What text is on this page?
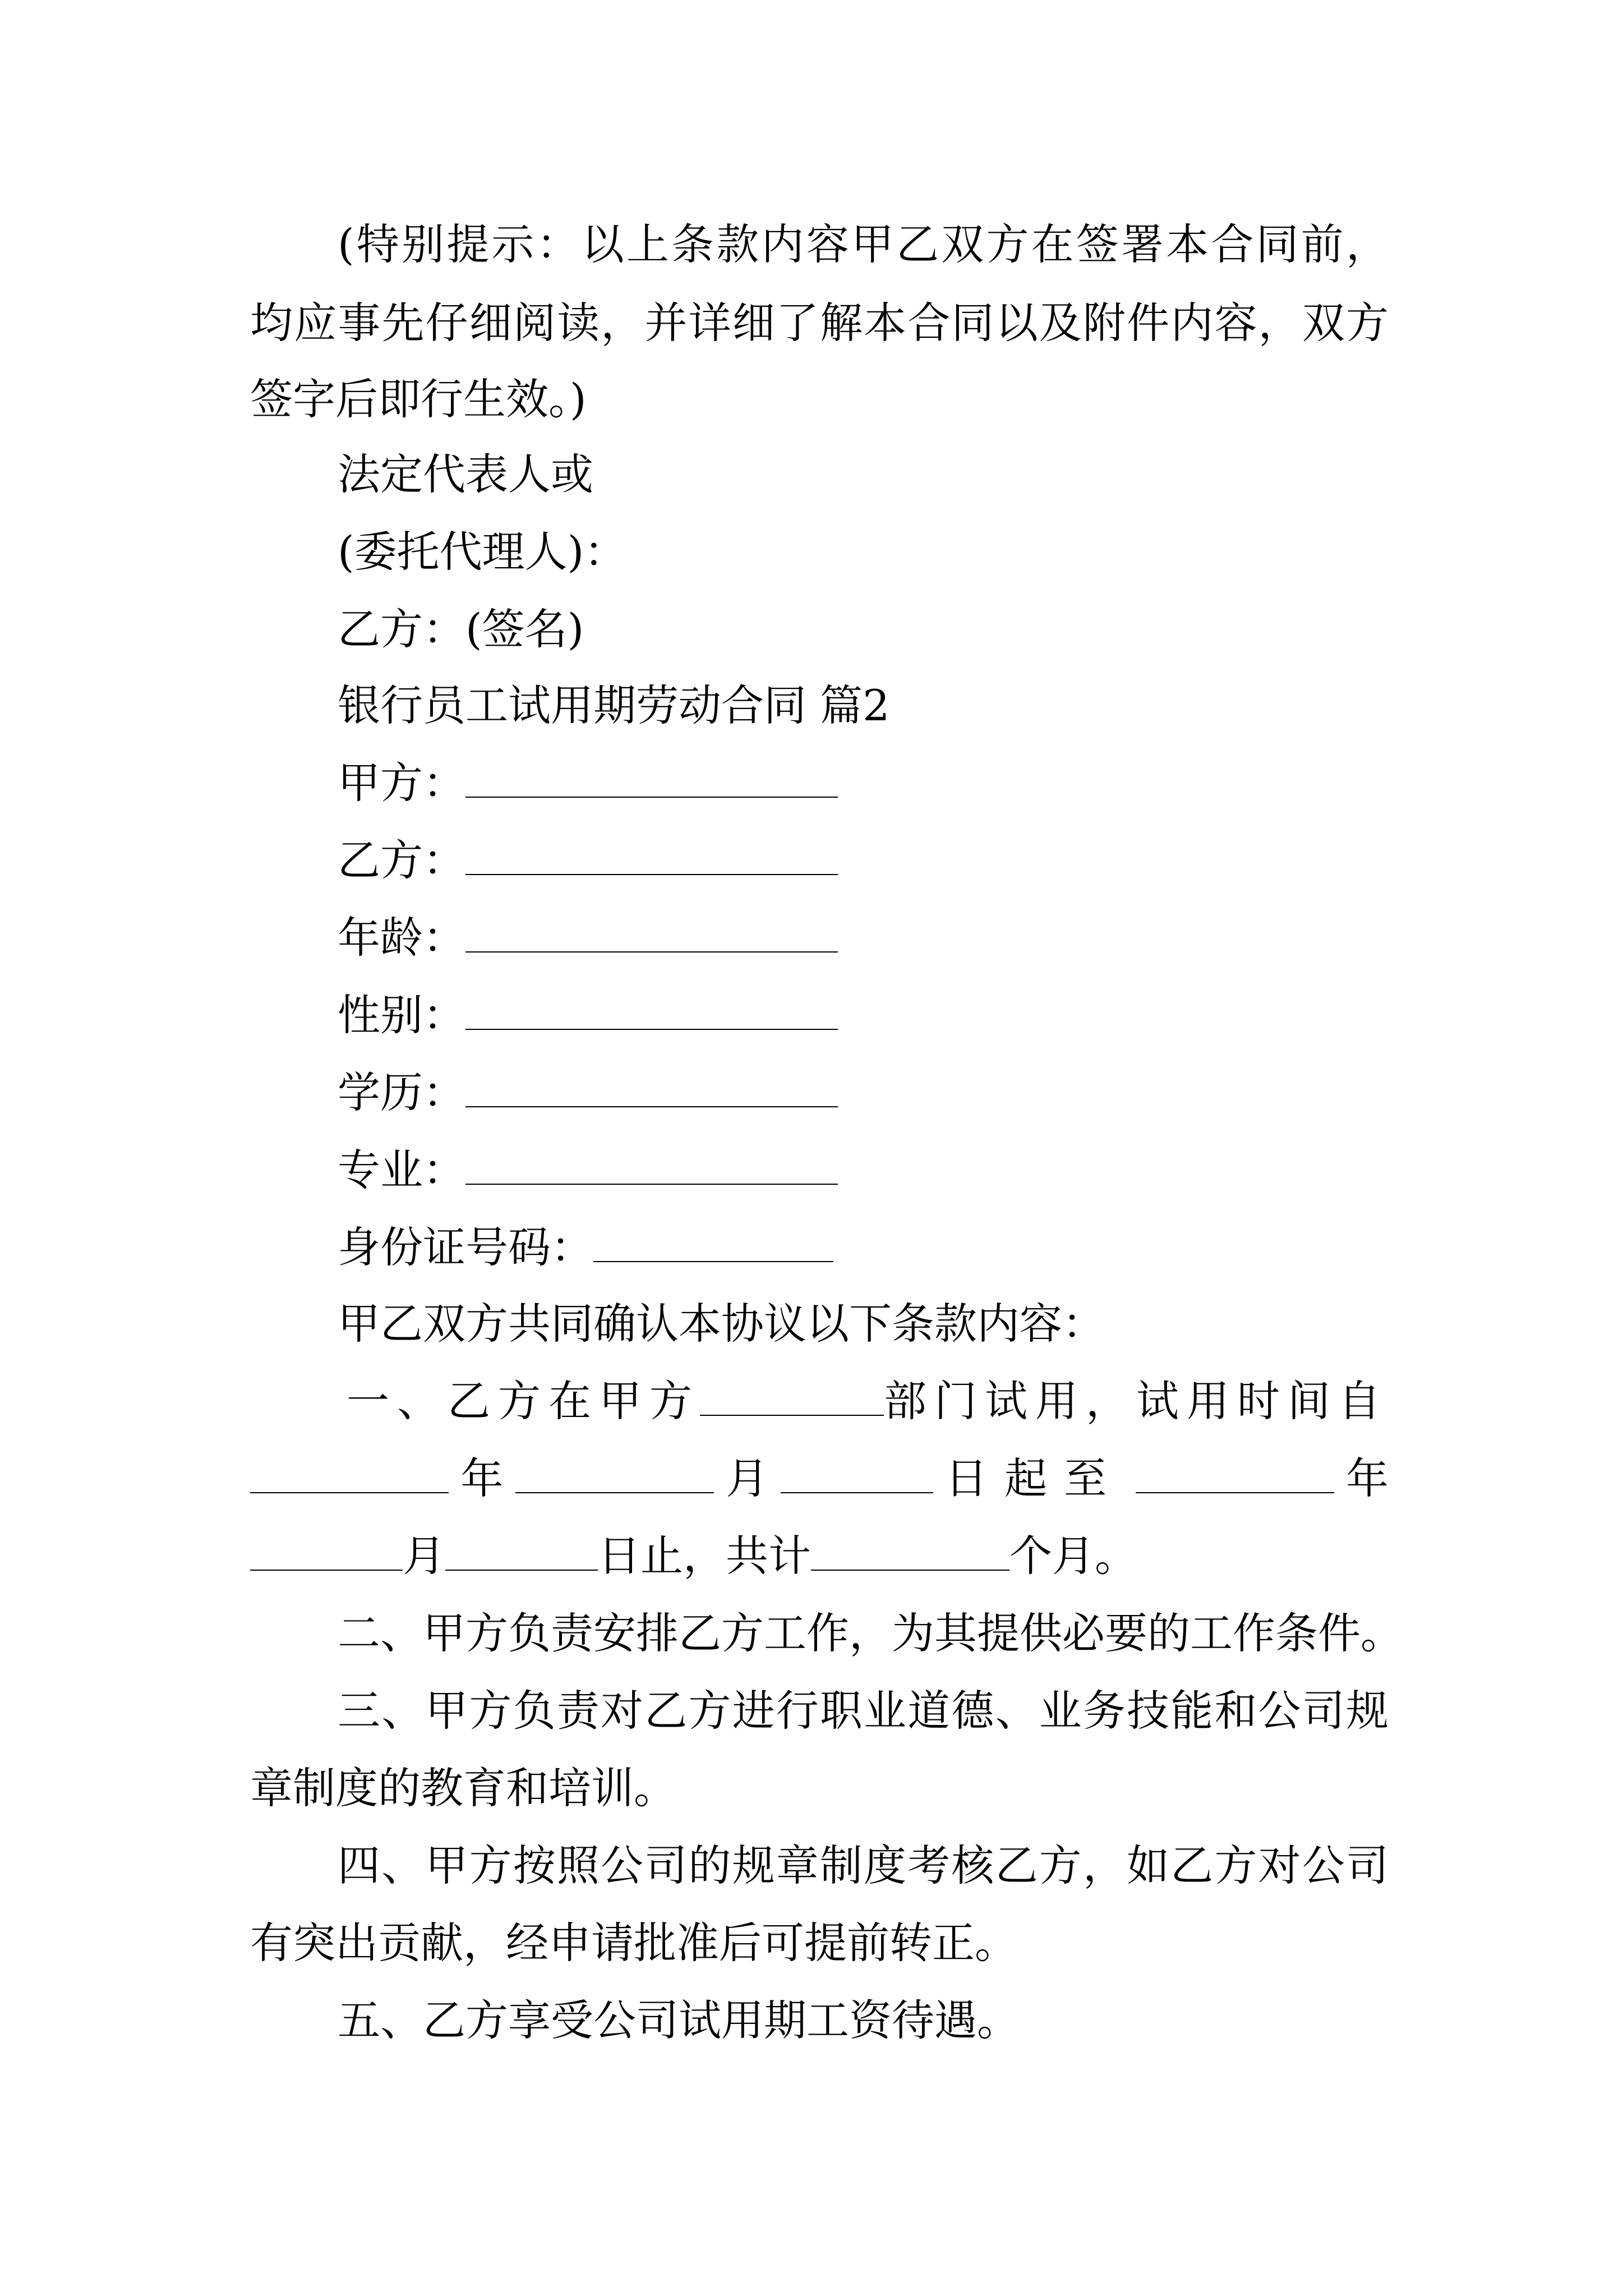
(特别提示：以上条款内容甲乙双方在签署本合同前，
均应事先仔细阅读，并详细了解本合同以及附件内容，双方
签字后即行生效。)
法定代表人或
(委托代理人)：
乙方：(签名)
银行员工试用期劳动合同 篇2
甲方：
乙方：
年龄：
性别：
学历：
专业：
身份证号码：
甲乙双方共同确认本协议以下条款内容：
一、乙方在甲方	部门试用，试用时间自
年	月	日起至	年
月	日止，共计	个月。
二、甲方负责安排乙方工作，为其提供必要的工作条件。
三、甲方负责对乙方进行职业道德、业务技能和公司规
章制度的教育和培训。
四、甲方按照公司的规章制度考核乙方，如乙方对公司
有突出贡献，经申请批准后可提前转正。
五、乙方享受公司试用期工资待遇。
